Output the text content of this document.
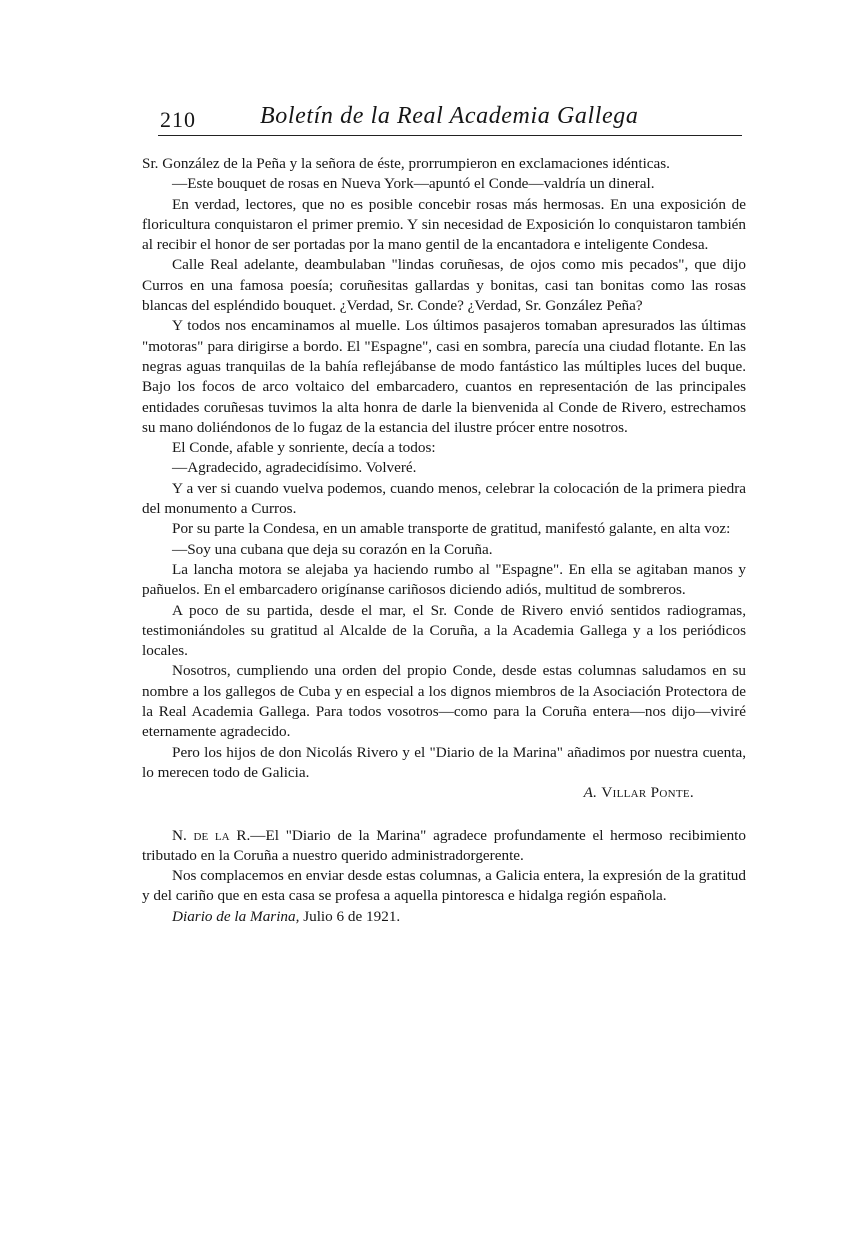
210	Boletín de la Real Academia Gallega

Sr. González de la Peña y la señora de éste, prorrumpieron en exclamaciones idénticas.

—Este bouquet de rosas en Nueva York—apuntó el Conde—valdría un dineral.

En verdad, lectores, que no es posible concebir rosas más hermosas. En una exposición de floricultura conquistaron el primer premio. Y sin necesidad de Exposición lo conquistaron también al recibir el honor de ser portadas por la mano gentil de la encantadora e inteligente Condesa.

Calle Real adelante, deambulaban "lindas coruñesas, de ojos como mis pecados", que dijo Curros en una famosa poesía; coruñesitas gallardas y bonitas, casi tan bonitas como las rosas blancas del espléndido bouquet. ¿Verdad, Sr. Conde? ¿Verdad, Sr. González Peña?

Y todos nos encaminamos al muelle. Los últimos pasajeros tomaban apresurados las últimas "motoras" para dirigirse a bordo. El "Espagne", casi en sombra, parecía una ciudad flotante. En las negras aguas tranquilas de la bahía reflejábanse de modo fantástico las múltiples luces del buque. Bajo los focos de arco voltaico del embarcadero, cuantos en representación de las principales entidades coruñesas tuvimos la alta honra de darle la bienvenida al Conde de Rivero, estrechamos su mano doliéndonos de lo fugaz de la estancia del ilustre prócer entre nosotros.

El Conde, afable y sonriente, decía a todos:

—Agradecido, agradecidísimo. Volveré.

Y a ver si cuando vuelva podemos, cuando menos, celebrar la colocación de la primera piedra del monumento a Curros.

Por su parte la Condesa, en un amable transporte de gratitud, manifestó galante, en alta voz:

—Soy una cubana que deja su corazón en la Coruña.

La lancha motora se alejaba ya haciendo rumbo al "Espagne". En ella se agitaban manos y pañuelos. En el embarcadero origínanse cariñosos diciendo adiós, multitud de sombreros.

A poco de su partida, desde el mar, el Sr. Conde de Rivero envió sentidos radiogramas, testimoniándoles su gratitud al Alcalde de la Coruña, a la Academia Gallega y a los periódicos locales.

Nosotros, cumpliendo una orden del propio Conde, desde estas columnas saludamos en su nombre a los gallegos de Cuba y en especial a los dignos miembros de la Asociación Protectora de la Real Academia Gallega. Para todos vosotros—como para la Coruña entera—nos dijo—viviré eternamente agradecido.

Pero los hijos de don Nicolás Rivero y el "Diario de la Marina" añadimos por nuestra cuenta, lo merecen todo de Galicia.

A. Villar Ponte.

N. de la R.—El "Diario de la Marina" agradece profundamente el hermoso recibimiento tributado en la Coruña a nuestro querido administradorgerente.

Nos complacemos en enviar desde estas columnas, a Galicia entera, la expresión de la gratitud y del cariño que en esta casa se profesa a aquella pintoresca e hidalga región española.

Diario de la Marina, Julio 6 de 1921.
